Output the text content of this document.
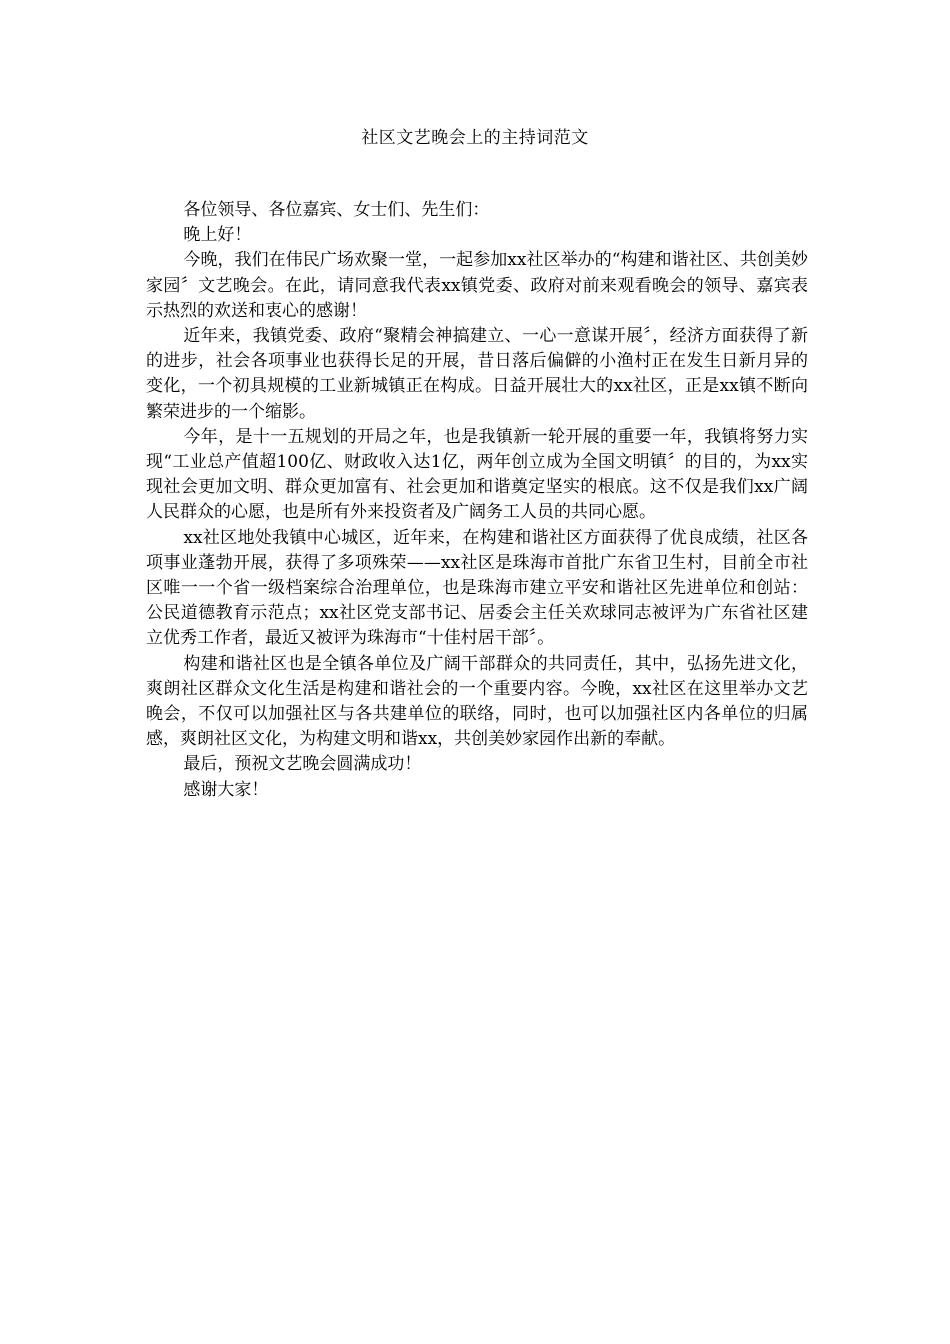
社区文艺晚会上的主持词范文

各位领导、各位嘉宾、女士们、先生们：

晚上好！

今晚，我们在伟民广场欢聚一堂，一起参加xx社区举办的“构建和谐社区、共创美妙家园〞文艺晚会。在此，请同意我代表xx镇党委、政府对前来观看晚会的领导、嘉宾表示热烈的欢送和衷心的感谢！

近年来，我镇党委、政府“聚精会神搞建立、一心一意谋开展〞，经济方面获得了新的进步，社会各项事业也获得长足的开展，昔日落后偏僻的小渔村正在发生日新月异的变化，一个初具规模的工业新城镇正在构成。日益开展壮大的xx社区，正是xx镇不断向繁荣进步的一个缩影。

今年，是十一五规划的开局之年，也是我镇新一轮开展的重要一年，我镇将努力实现“工业总产值超100亿、财政收入达1亿，两年创立成为全国文明镇〞的目的，为xx实现社会更加文明、群众更加富有、社会更加和谐奠定坚实的根底。这不仅是我们xx广阔人民群众的心愿，也是所有外来投资者及广阔务工人员的共同心愿。

xx社区地处我镇中心城区，近年来，在构建和谐社区方面获得了优良成绩，社区各项事业蓬勃开展，获得了多项殊荣——xx社区是珠海市首批广东省卫生村，目前全市社区唯一一个省一级档案综合治理单位，也是珠海市建立平安和谐社区先进单位和创站：公民道德教育示范点；xx社区党支部书记、居委会主任关欢球同志被评为广东省社区建立优秀工作者，最近又被评为珠海市“十佳村居干部〞。

构建和谐社区也是全镇各单位及广阔干部群众的共同责任，其中，弘扬先进文化，爽朗社区群众文化生活是构建和谐社会的一个重要内容。今晚，xx社区在这里举办文艺晚会，不仅可以加强社区与各共建单位的联络，同时，也可以加强社区内各单位的归属感，爽朗社区文化，为构建文明和谐xx，共创美妙家园作出新的奉献。

最后，预祝文艺晚会圆满成功！

感谢大家！
